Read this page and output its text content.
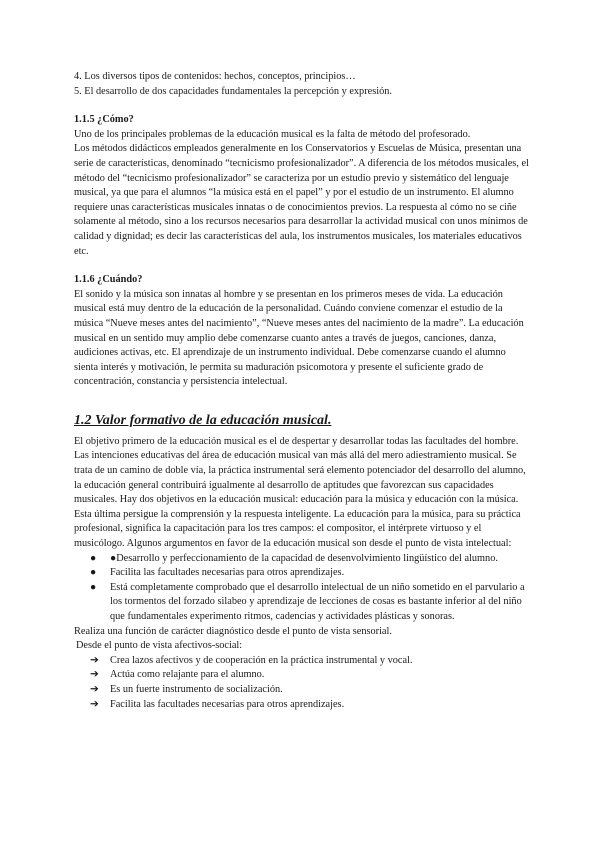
4. Los diversos tipos de contenidos: hechos, conceptos, principios…

5. El desarrollo de dos capacidades fundamentales la percepción y expresión.

1.1.5 ¿Cómo?

Uno de los principales problemas de la educación musical es la falta de método del profesorado.

Los métodos didácticos empleados generalmente en los Conservatorios y Escuelas de Música, presentan una serie de características, denominado “tecnicismo profesionalizador”. A diferencia de los métodos musicales, el método del “tecnicismo profesionalizador” se caracteriza por un estudio previo y sistemático del lenguaje musical, ya que para el alumnos “la música está en el papel” y por el estudio de un instrumento. El alumno requiere unas características musicales innatas o de conocimientos previos. La respuesta al cómo no se ciñe solamente al método, sino a los recursos necesarios para desarrollar la actividad musical con unos mínimos de calidad y dignidad; es decir las características del aula, los instrumentos musicales, los materiales educativos etc.

1.1.6 ¿Cuándo?

El sonido y la música son innatas al hombre y se presentan en los primeros meses de vida. La educación musical está muy dentro de la educación de la personalidad. Cuándo conviene comenzar el estudio de la música “Nueve meses antes del nacimiento”, “Nueve meses antes del nacimiento de la madre”. La educación musical en un sentido muy amplio debe comenzarse cuanto antes a través de juegos, canciones, danza, audiciones activas, etc. El aprendizaje de un instrumento individual. Debe comenzarse cuando el alumno sienta interés y motivación, le permita su maduración psicomotora y presente el suficiente grado de concentración, constancia y persistencia intelectual.

1.2 Valor formativo de la educación musical.

El objetivo primero de la educación musical es el de despertar y desarrollar todas las facultades del hombre. Las intenciones educativas del área de educación musical van más allá del mero adiestramiento musical. Se trata de un camino de doble vía, la práctica instrumental será elemento potenciador del desarrollo del alumno, la educación general contribuirá igualmente al desarrollo de aptitudes que favorezcan sus capacidades musicales. Hay dos objetivos en la educación musical: educación para la música y educación con la música. Esta última persigue la comprensión y la respuesta inteligente. La educación para la música, para su práctica profesional, significa la capacitación para los tres campos: el compositor, el intérprete virtuoso y el musicólogo. Algunos argumentos en favor de la educación musical son desde el punto de vista intelectual:

●	●Desarrollo y perfeccionamiento de la capacidad de desenvolvimiento lingüístico del alumno.
●	Facilita las facultades necesarias para otros aprendizajes.
●	Está completamente comprobado que el desarrollo intelectual de un niño sometido en el parvulario a los tormentos del forzado silabeo y aprendizaje de lecciones de cosas es bastante inferior al del niño que fundamentales experimento ritmos, cadencias y actividades plásticas y sonoras.

Realiza una función de carácter diagnóstico desde el punto de vista sensorial.

Desde el punto de vista afectivos-social:

➔	Crea lazos afectivos y de cooperación en la práctica instrumental y vocal.
➔	Actúa como relajante para el alumno.
➔	Es un fuerte instrumento de socialización.
➔	Facilita las facultades necesarias para otros aprendizajes.
